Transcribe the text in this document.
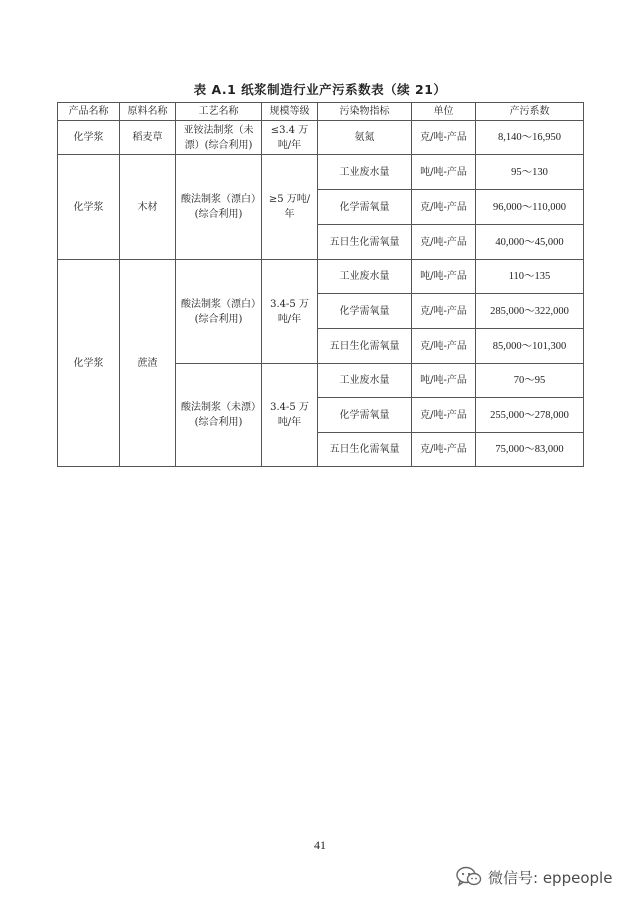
表 A.1 纸浆制造行业产污系数表（续 21）
产品名称	原料名称	工艺名称	规模等级	污染物指标	单位	产污系数
化学浆	稻麦草	亚铵法制浆（未漂）(综合利用)	≤3.4 万吨/年	氨氮	克/吨-产品	8,140～16,950
化学浆	木材	酸法制浆（漂白）(综合利用)	≥5 万吨/年	工业废水量	吨/吨-产品	95～130
				化学需氧量	克/吨-产品	96,000～110,000
				五日生化需氧量	克/吨-产品	40,000～45,000
化学浆	蔗渣	酸法制浆（漂白）(综合利用)	3.4-5 万吨/年	工业废水量	吨/吨-产品	110～135
				化学需氧量	克/吨-产品	285,000～322,000
				五日生化需氧量	克/吨-产品	85,000～101,300
		酸法制浆（未漂）(综合利用)	3.4-5 万吨/年	工业废水量	吨/吨-产品	70～95
				化学需氧量	克/吨-产品	255,000～278,000
				五日生化需氧量	克/吨-产品	75,000～83,000
41
微信号: eppeople
